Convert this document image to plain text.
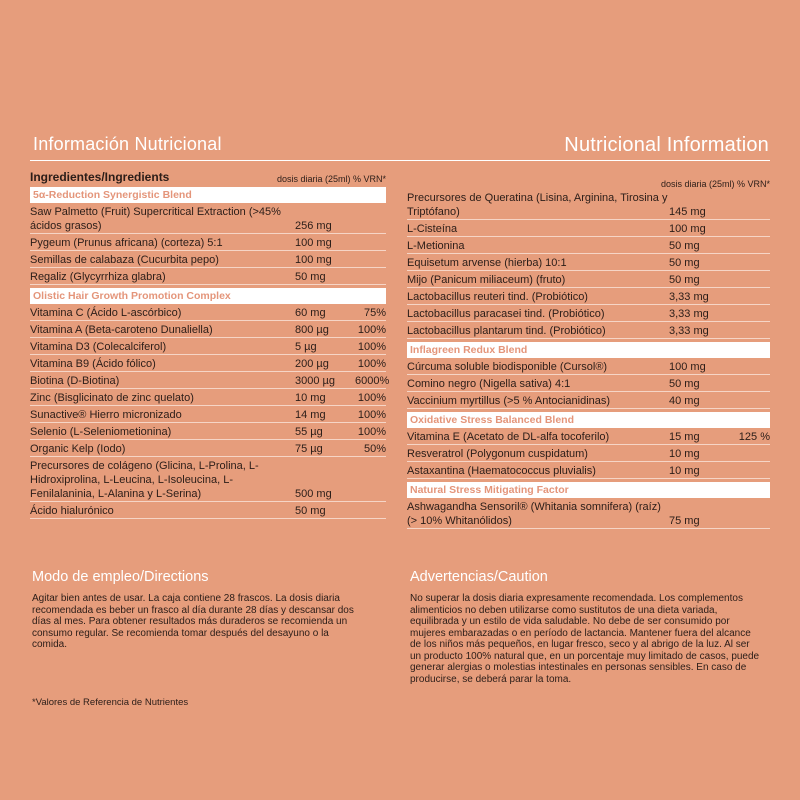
Información Nutricional	Nutricional Information
Ingredientes/Ingredients	dosis diaria (25ml) % VRN*
5α-Reduction Synergistic Blend
Saw Palmetto (Fruit) Supercritical Extraction (>45% ácidos grasos)	256 mg
Pygeum (Prunus africana) (corteza) 5:1	100 mg
Semillas de calabaza (Cucurbita pepo)	100 mg
Regaliz (Glycyrrhiza glabra)	50 mg
Olistic Hair Growth Promotion Complex
Vitamina C (Ácido L-ascórbico)	60 mg	75%
Vitamina A (Beta-caroteno Dunaliella)	800 µg	100%
Vitamina D3 (Colecalciferol)	5 µg	100%
Vitamina B9 (Ácido fólico)	200 µg	100%
Biotina (D-Biotina)	3000 µg	6000%
Zinc (Bisglicinato de zinc quelato)	10 mg	100%
Sunactive® Hierro micronizado	14 mg	100%
Selenio (L-Seleniometionina)	55 µg	100%
Organic Kelp (Iodo)	75 µg	50%
Precursores de colágeno (Glicina, L-Prolina, L-Hidroxiprolina, L-Leucina, L-Isoleucina, L-Fenilalaninia, L-Alanina y L-Serina)	500 mg
Ácido hialurónico	50 mg
dosis diaria (25ml) % VRN*
Precursores de Queratina (Lisina, Arginina, Tirosina y Triptófano)	145 mg
L-Cisteína	100 mg
L-Metionina	50 mg
Equisetum arvense (hierba) 10:1	50 mg
Mijo (Panicum miliaceum) (fruto)	50 mg
Lactobacillus reuteri tind. (Probiótico)	3,33 mg
Lactobacillus paracasei tind. (Probiótico)	3,33 mg
Lactobacillus plantarum tind. (Probiótico)	3,33 mg
Inflagreen Redux Blend
Cúrcuma soluble biodisponible (Cursol®)	100 mg
Comino negro (Nigella sativa) 4:1	50 mg
Vaccinium myrtillus (>5 % Antocianidinas)	40 mg
Oxidative Stress Balanced Blend
Vitamina E (Acetato de DL-alfa tocoferilo)	15 mg	125 %
Resveratrol (Polygonum cuspidatum)	10 mg
Astaxantina (Haematococcus pluvialis)	10 mg
Natural Stress Mitigating Factor
Ashwagandha Sensoril® (Whitania somnifera) (raíz) (> 10% Whitanólidos)	75 mg
Modo de empleo/Directions
Agitar bien antes de usar. La caja contiene 28 frascos. La dosis diaria recomendada es beber un frasco al día durante 28 días y descansar dos días al mes. Para obtener resultados más duraderos se recomienda un consumo regular. Se recomienda tomar después del desayuno o la comida.
Advertencias/Caution
No superar la dosis diaria expresamente recomendada. Los complementos alimenticios no deben utilizarse como sustitutos de una dieta variada, equilibrada y un estilo de vida saludable. No debe de ser consumido por mujeres embarazadas o en período de lactancia. Mantener fuera del alcance de los niños más pequeños, en lugar fresco, seco y al abrigo de la luz. Al ser un producto 100% natural que, en un porcentaje muy limitado de casos, puede generar alergias o molestias intestinales en personas sensibles. En caso de producirse, se deberá parar la toma.
*Valores de Referencia de Nutrientes
